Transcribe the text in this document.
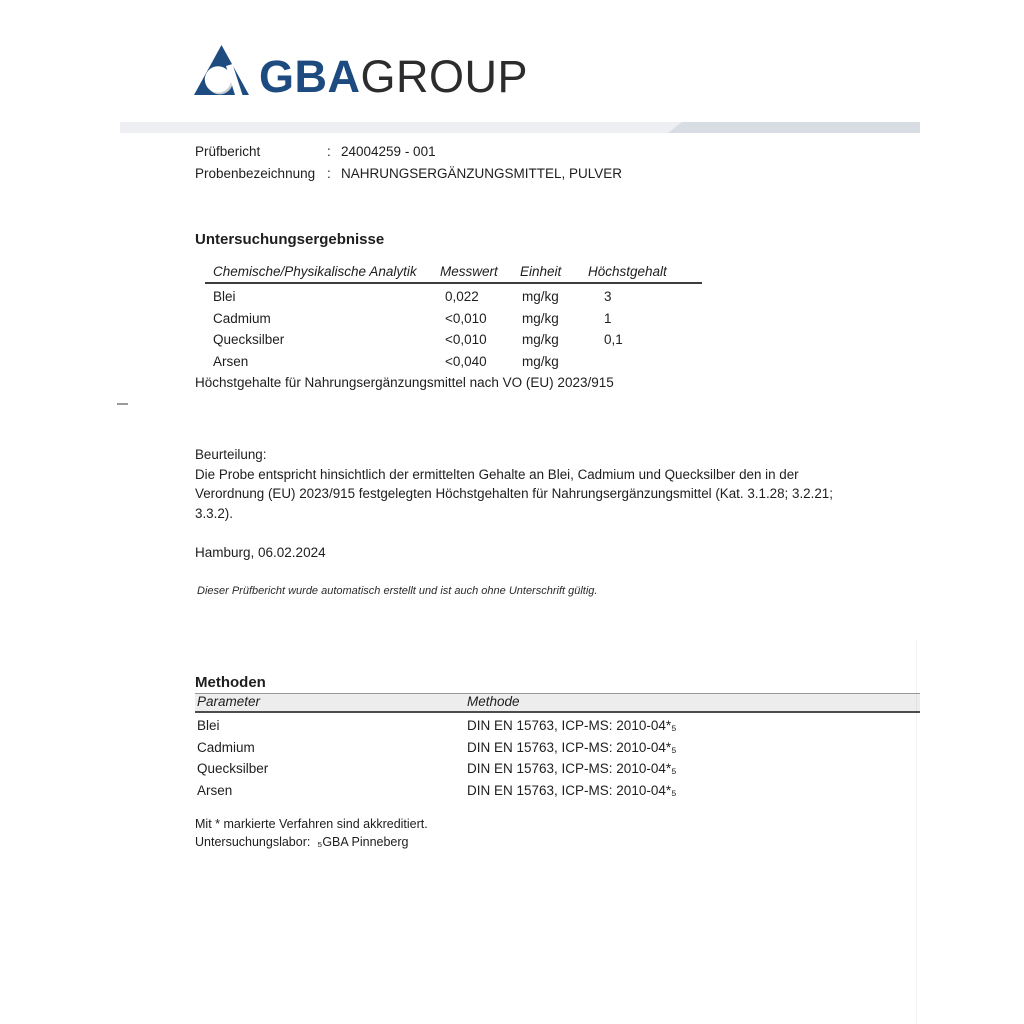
GBA GROUP
Prüfbericht	: 24004259 - 001
Probenbezeichnung : NAHRUNGSERGÄNZUNGSMITTEL, PULVER
Untersuchungsergebnisse
Chemische/Physikalische Analytik	Messwert	Einheit	Höchstgehalt
Blei	0,022	mg/kg	3
Cadmium	<0,010	mg/kg	1
Quecksilber	<0,010	mg/kg	0,1
Arsen	<0,040	mg/kg
Höchstgehalte für Nahrungsergänzungsmittel nach VO (EU) 2023/915
Beurteilung:
Die Probe entspricht hinsichtlich der ermittelten Gehalte an Blei, Cadmium und Quecksilber den in der
Verordnung (EU) 2023/915 festgelegten Höchstgehalten für Nahrungsergänzungsmittel (Kat. 3.1.28; 3.2.21;
3.3.2).
Hamburg, 06.02.2024
Dieser Prüfbericht wurde automatisch erstellt und ist auch ohne Unterschrift gültig.
Methoden
Parameter	Methode
Blei	DIN EN 15763, ICP-MS: 2010-04*₅
Cadmium	DIN EN 15763, ICP-MS: 2010-04*₅
Quecksilber	DIN EN 15763, ICP-MS: 2010-04*₅
Arsen	DIN EN 15763, ICP-MS: 2010-04*₅
Mit * markierte Verfahren sind akkreditiert.
Untersuchungslabor:  ₅GBA Pinneberg
